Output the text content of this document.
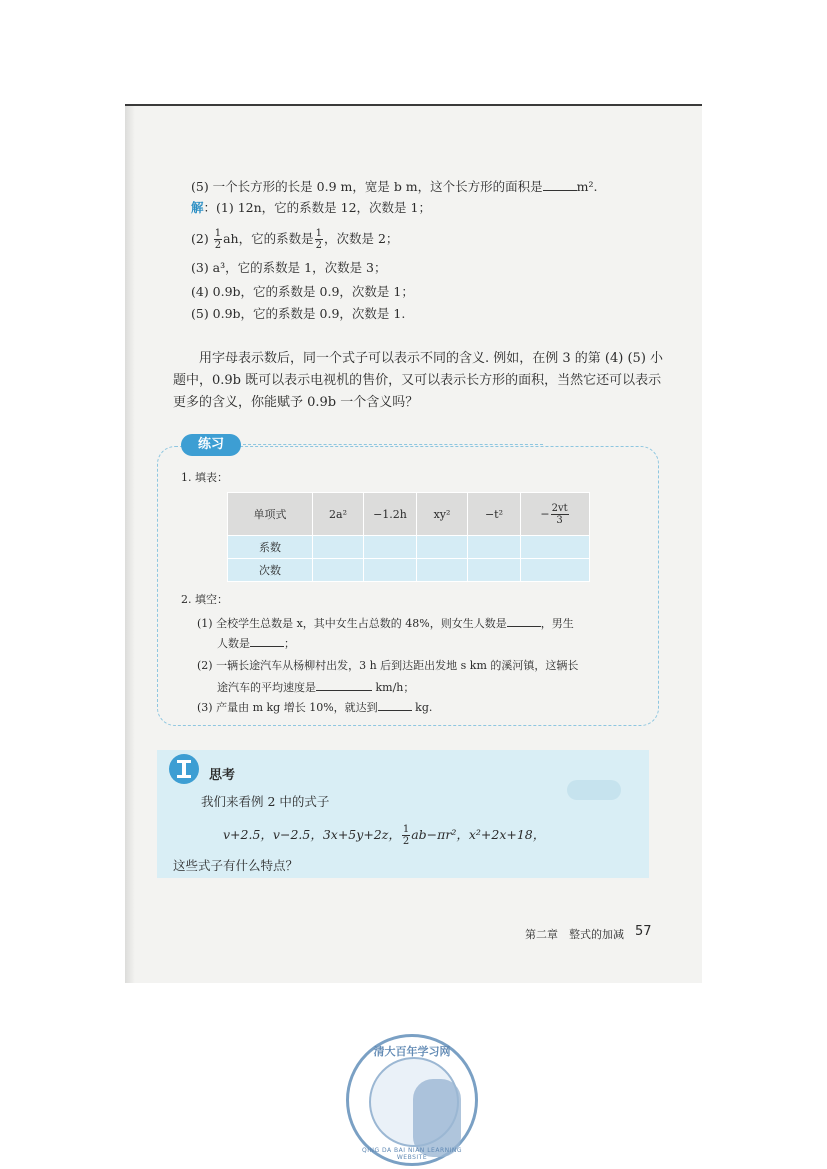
(5) 一个长方形的长是 0.9 m，宽是 b m，这个长方形的面积是	m².
解：(1) 12n，它的系数是 12，次数是 1；
$(2) \frac{1}{2}$ ah，它的系数是 $\frac{1}{2}$ ，次数是 2；
(3) a³，它的系数是 1，次数是 3；
(4) 0.9b，它的系数是 0.9，次数是 1；
(5) 0.9b，它的系数是 0.9，次数是 1.
用字母表示数后，同一个式子可以表示不同的含义. 例如，在例 3 的第 (4) (5) 小题中，0.9b 既可以表示电视机的售价，又可以表示长方形的面积，当然它还可以表示更多的含义，你能赋予 0.9b 一个含义吗？
练习
1. 填表：
单项式	2a²	−1.2h	xy²	−t²	− $\frac{2vt}{3}$

系数					
次数					
2. 填空：
(1) 全校学生总数是 x，其中女生占总数的 48%，则女生人数是	，男生
人数是	；
(2) 一辆长途汽车从杨柳村出发，3 h 后到达距出发地 s km 的溪河镇，这辆长
途汽车的平均速度是	km/h；
(3) 产量由 m kg 增长 10%，就达到	kg.
思考
我们来看例 2 中的式子
v+2.5，v−2.5，3x+5y+2z， $\frac{1}{2} ab-\pi r^2$，x²+2x+18，
这些式子有什么特点？
第二章 整式的加减 57
清大百年学习网
QING DA BAI NIAN LEARNING WEBSITE
